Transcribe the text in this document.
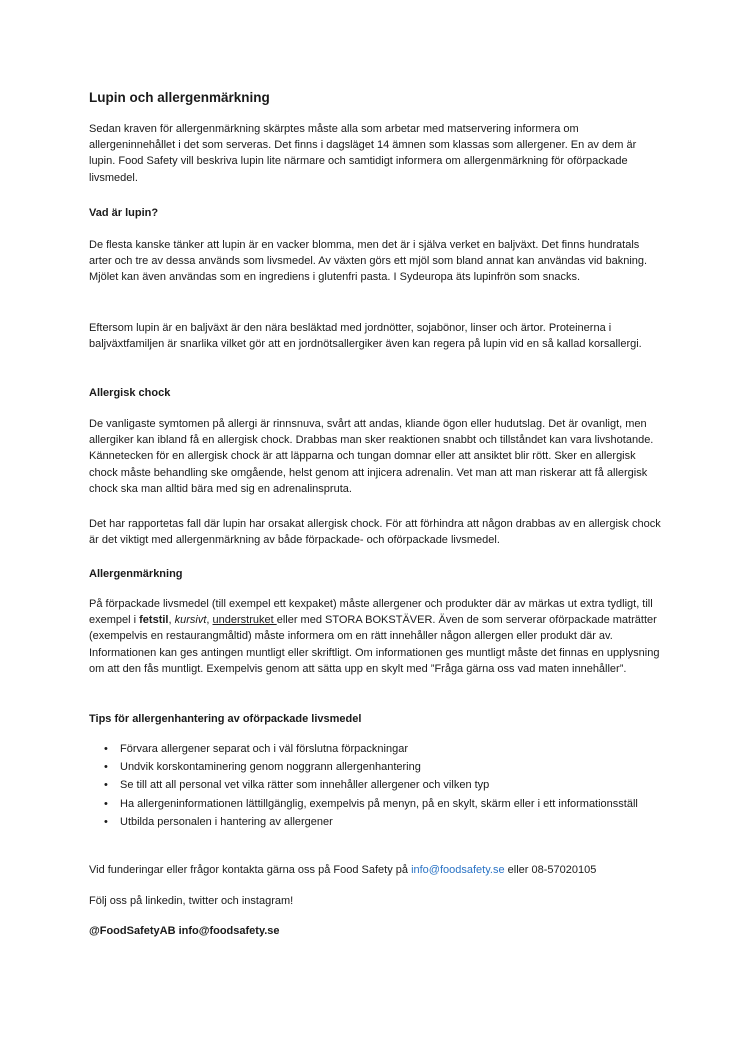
Lupin och allergenmärkning

Sedan kraven för allergenmärkning skärptes måste alla som arbetar med matservering informera om allergeninnehållet i det som serveras. Det finns i dagsläget 14 ämnen som klassas som allergener. En av dem är lupin. Food Safety vill beskriva lupin lite närmare och samtidigt informera om allergenmärkning för oförpackade livsmedel.

Vad är lupin?

De flesta kanske tänker att lupin är en vacker blomma, men det är i själva verket en baljväxt. Det finns hundratals arter och tre av dessa används som livsmedel. Av växten görs ett mjöl som bland annat kan användas vid bakning. Mjölet kan även användas som en ingrediens i glutenfri pasta. I Sydeuropa äts lupinfrön som snacks.

Eftersom lupin är en baljväxt är den nära besläktad med jordnötter, sojabönor, linser och ärtor. Proteinerna i baljväxtfamiljen är snarlika vilket gör att en jordnötsallergiker även kan regera på lupin vid en så kallad korsallergi.

Allergisk chock

De vanligaste symtomen på allergi är rinnsnuva, svårt att andas, kliande ögon eller hudutslag. Det är ovanligt, men allergiker kan ibland få en allergisk chock. Drabbas man sker reaktionen snabbt och tillståndet kan vara livshotande. Kännetecken för en allergisk chock är att läpparna och tungan domnar eller att ansiktet blir rött. Sker en allergisk chock måste behandling ske omgående, helst genom att injicera adrenalin. Vet man att man riskerar att få allergisk chock ska man alltid bära med sig en adrenalinspruta.

Det har rapportetas fall där lupin har orsakat allergisk chock. För att förhindra att någon drabbas av en allergisk chock är det viktigt med allergenmärkning av både förpackade- och oförpackade livsmedel.

Allergenmärkning

På förpackade livsmedel (till exempel ett kexpaket) måste allergener och produkter där av märkas ut extra tydligt, till exempel i fetstil, kursivt, understruket eller med STORA BOKSTÄVER. Även de som serverar oförpackade maträtter (exempelvis en restaurangmåltid) måste informera om en rätt innehåller någon allergen eller produkt där av. Informationen kan ges antingen muntligt eller skriftligt. Om informationen ges muntligt måste det finnas en upplysning om att den fås muntligt. Exempelvis genom att sätta upp en skylt med ”Fråga gärna oss vad maten innehåller”.

Tips för allergenhantering av oförpackade livsmedel
• Förvara allergener separat och i väl förslutna förpackningar
• Undvik korskontaminering genom noggrann allergenhantering
• Se till att all personal vet vilka rätter som innehåller allergener och vilken typ
• Ha allergeninformationen lättillgänglig, exempelvis på menyn, på en skylt, skärm eller i ett informationsställ
• Utbilda personalen i hantering av allergener

Vid funderingar eller frågor kontakta gärna oss på Food Safety på info@foodsafety.se eller 08-57020105

Följ oss på linkedin, twitter och instagram!

@FoodSafetyAB info@foodsafety.se
